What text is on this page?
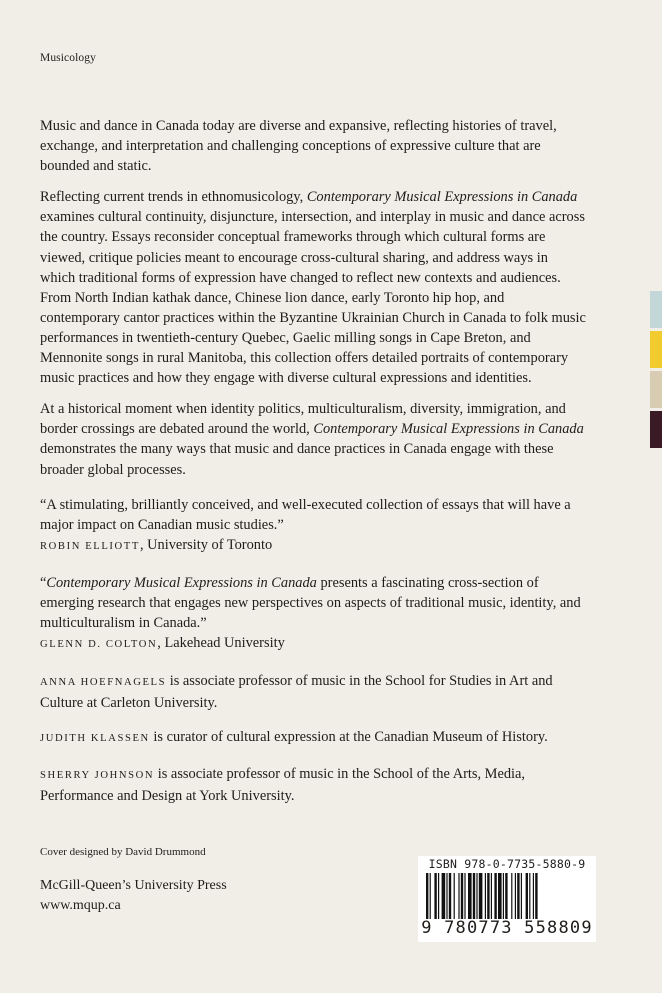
Musicology

Music and dance in Canada today are diverse and expansive, reflecting histories of travel, exchange, and interpretation and challenging conceptions of expressive culture that are bounded and static.

Reflecting current trends in ethnomusicology, Contemporary Musical Expressions in Canada examines cultural continuity, disjuncture, intersection, and interplay in music and dance across the country. Essays reconsider conceptual frameworks through which cultural forms are viewed, critique policies meant to encourage cross-cultural sharing, and address ways in which traditional forms of expression have changed to reflect new contexts and audiences. From North Indian kathak dance, Chinese lion dance, early Toronto hip hop, and contemporary cantor practices within the Byzantine Ukrainian Church in Canada to folk music performances in twentieth-century Quebec, Gaelic milling songs in Cape Breton, and Mennonite songs in rural Manitoba, this collection offers detailed portraits of contemporary music practices and how they engage with diverse cultural expressions and identities.

At a historical moment when identity politics, multiculturalism, diversity, immigration, and border crossings are debated around the world, Contemporary Musical Expressions in Canada demonstrates the many ways that music and dance practices in Canada engage with these broader global processes.

“A stimulating, brilliantly conceived, and well-executed collection of essays that will have a major impact on Canadian music studies.”
ROBIN ELLIOTT, University of Toronto
“Contemporary Musical Expressions in Canada presents a fascinating cross-section of emerging research that engages new perspectives on aspects of traditional music, identity, and multiculturalism in Canada.”
GLENN D. COLTON, Lakehead University
ANNA HOEFNAGELS is associate professor of music in the School for Studies in Art and Culture at Carleton University.
JUDITH KLASSEN is curator of cultural expression at the Canadian Museum of History.
SHERRY JOHNSON is associate professor of music in the School of the Arts, Media, Performance and Design at York University.
Cover designed by David Drummond
McGill-Queen’s University Press
www.mqup.ca
ISBN 978-0-7735-5880-9
9 780773 558809
